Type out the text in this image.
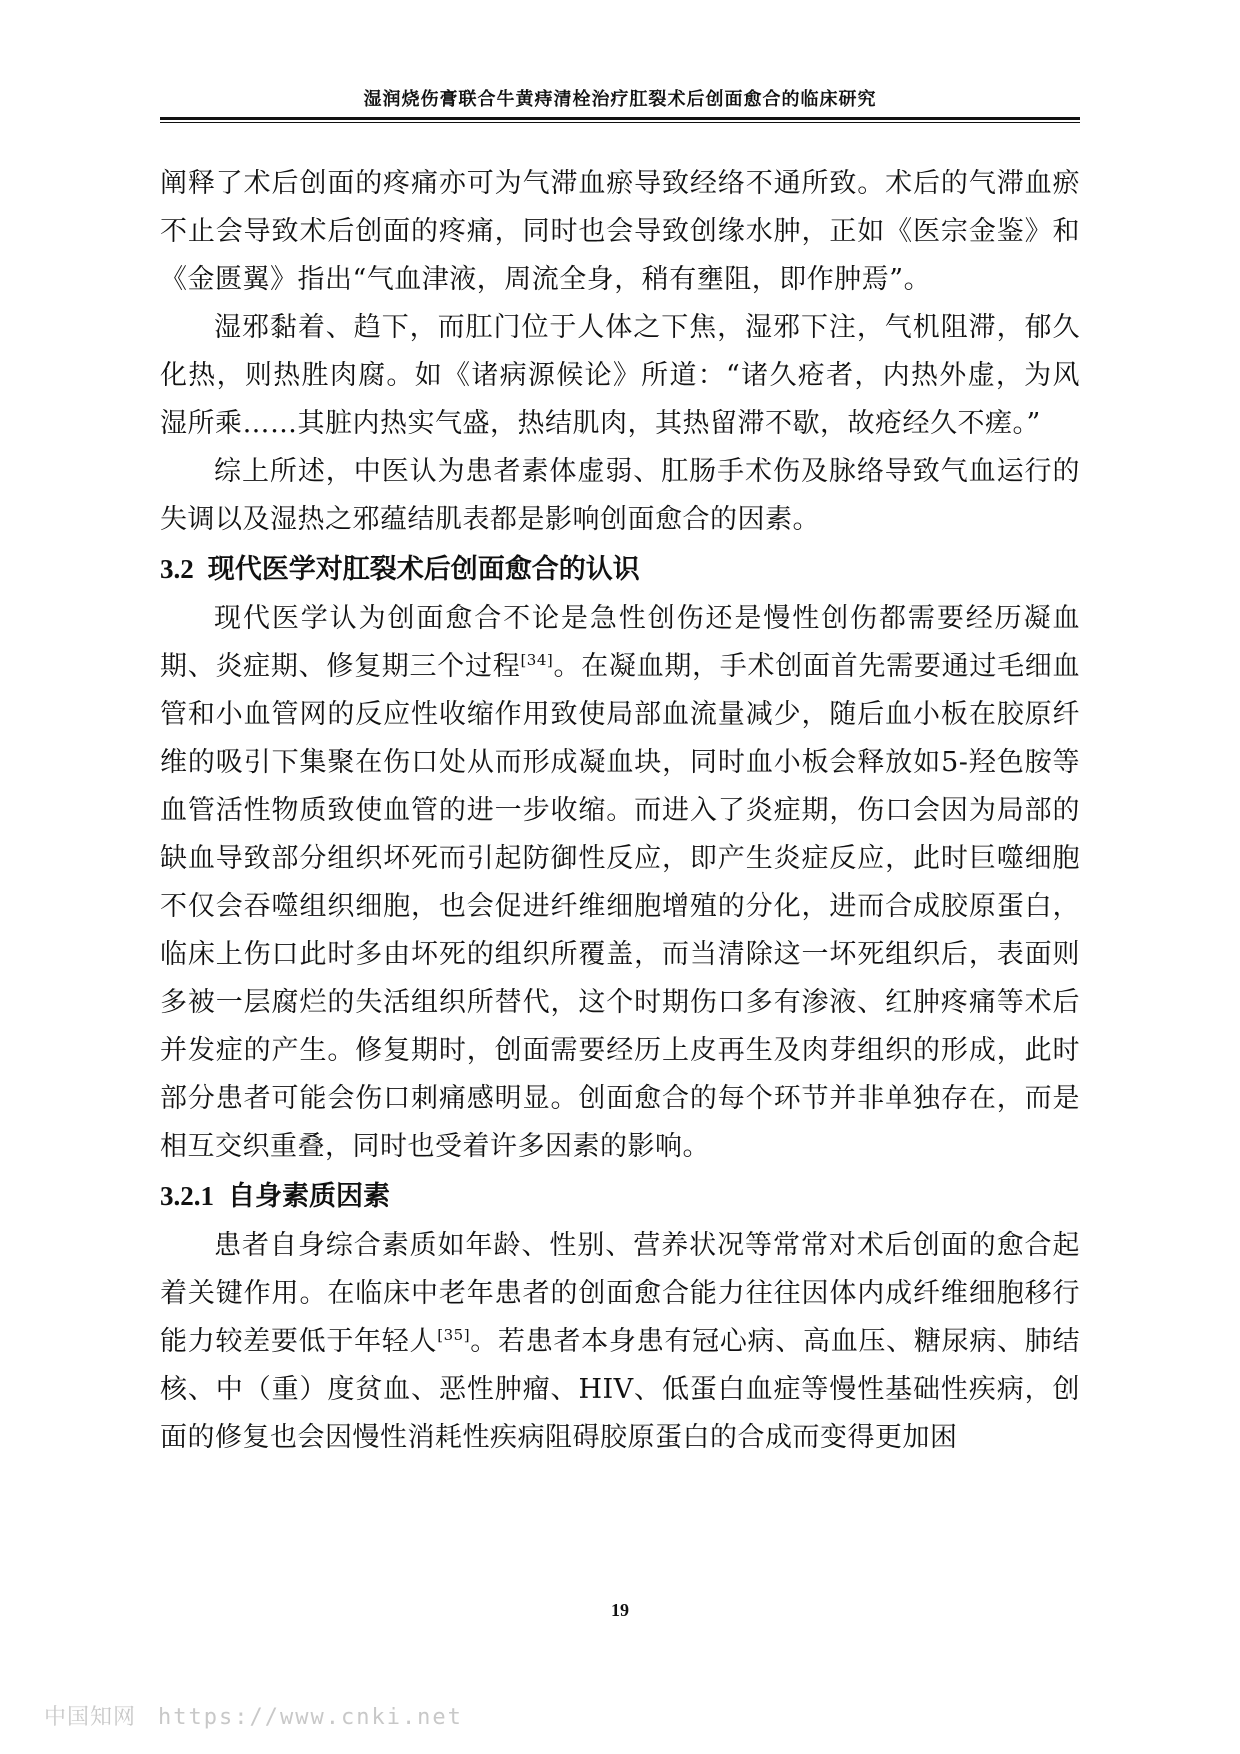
湿润烧伤膏联合牛黄痔清栓治疗肛裂术后创面愈合的临床研究

阐释了术后创面的疼痛亦可为气滞血瘀导致经络不通所致。术后的气滞血瘀不止会导致术后创面的疼痛，同时也会导致创缘水肿，正如《医宗金鉴》和《金匮翼》指出“气血津液，周流全身，稍有壅阻，即作肿焉”。

湿邪黏着、趋下，而肛门位于人体之下焦，湿邪下注，气机阻滞，郁久化热，则热胜肉腐。如《诸病源候论》所道：“诸久疮者，内热外虚，为风湿所乘……其脏内热实气盛，热结肌肉，其热留滞不歇，故疮经久不瘥。”

综上所述，中医认为患者素体虚弱、肛肠手术伤及脉络导致气血运行的失调以及湿热之邪蕴结肌表都是影响创面愈合的因素。

3.2 现代医学对肛裂术后创面愈合的认识

现代医学认为创面愈合不论是急性创伤还是慢性创伤都需要经历凝血期、炎症期、修复期三个过程[34]。在凝血期，手术创面首先需要通过毛细血管和小血管网的反应性收缩作用致使局部血流量减少，随后血小板在胶原纤维的吸引下集聚在伤口处从而形成凝血块，同时血小板会释放如5-羟色胺等血管活性物质致使血管的进一步收缩。而进入了炎症期，伤口会因为局部的缺血导致部分组织坏死而引起防御性反应，即产生炎症反应，此时巨噬细胞不仅会吞噬组织细胞，也会促进纤维细胞增殖的分化，进而合成胶原蛋白，临床上伤口此时多由坏死的组织所覆盖，而当清除这一坏死组织后，表面则多被一层腐烂的失活组织所替代，这个时期伤口多有渗液、红肿疼痛等术后并发症的产生。修复期时，创面需要经历上皮再生及肉芽组织的形成，此时部分患者可能会伤口刺痛感明显。创面愈合的每个环节并非单独存在，而是相互交织重叠，同时也受着许多因素的影响。

3.2.1 自身素质因素

患者自身综合素质如年龄、性别、营养状况等常常对术后创面的愈合起着关键作用。在临床中老年患者的创面愈合能力往往因体内成纤维细胞移行能力较差要低于年轻人[35]。若患者本身患有冠心病、高血压、糖尿病、肺结核、中（重）度贫血、恶性肿瘤、HIV、低蛋白血症等慢性基础性疾病，创面的修复也会因慢性消耗性疾病阻碍胶原蛋白的合成而变得更加困

19
中国知网 https://www.cnki.net
